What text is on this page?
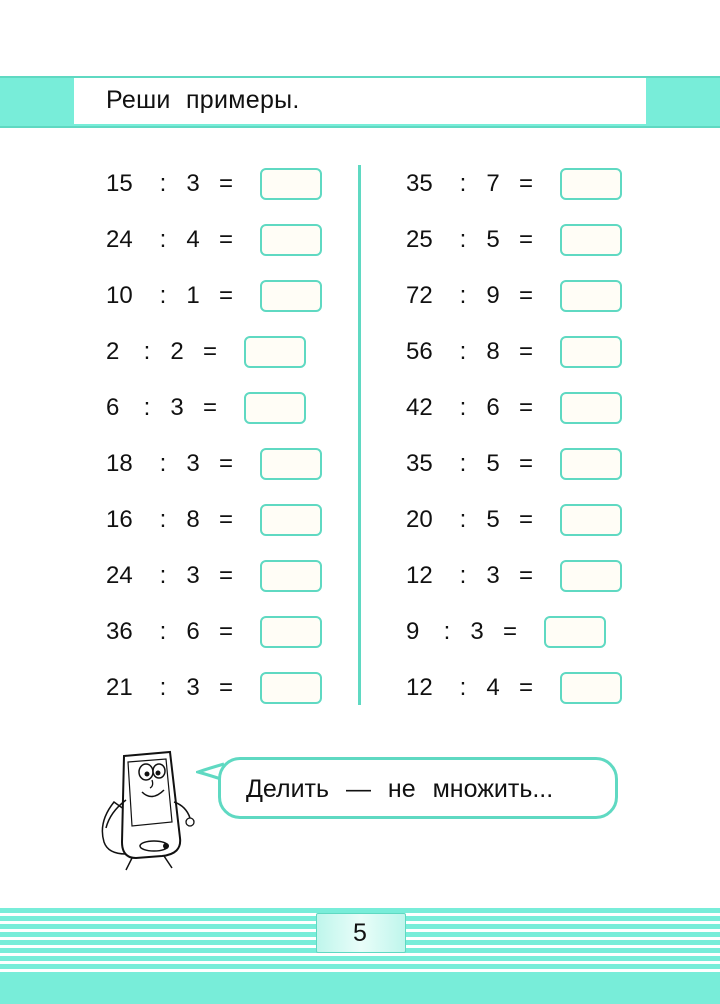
Реши примеры.
15	: 3 =
24	: 4 =
10	: 1 =
2	: 2 =
6	: 3 =
18	: 3 =
16	: 8 =
24	: 3 =
36	: 6 =
21	: 3 =
35	: 7 =
25	: 5 =
72	: 9 =
56	: 8 =
42	: 6 =
35	: 5 =
20	: 5 =
12	: 3 =
9	: 3 =
12	: 4 =
Делить — не множить...
5
